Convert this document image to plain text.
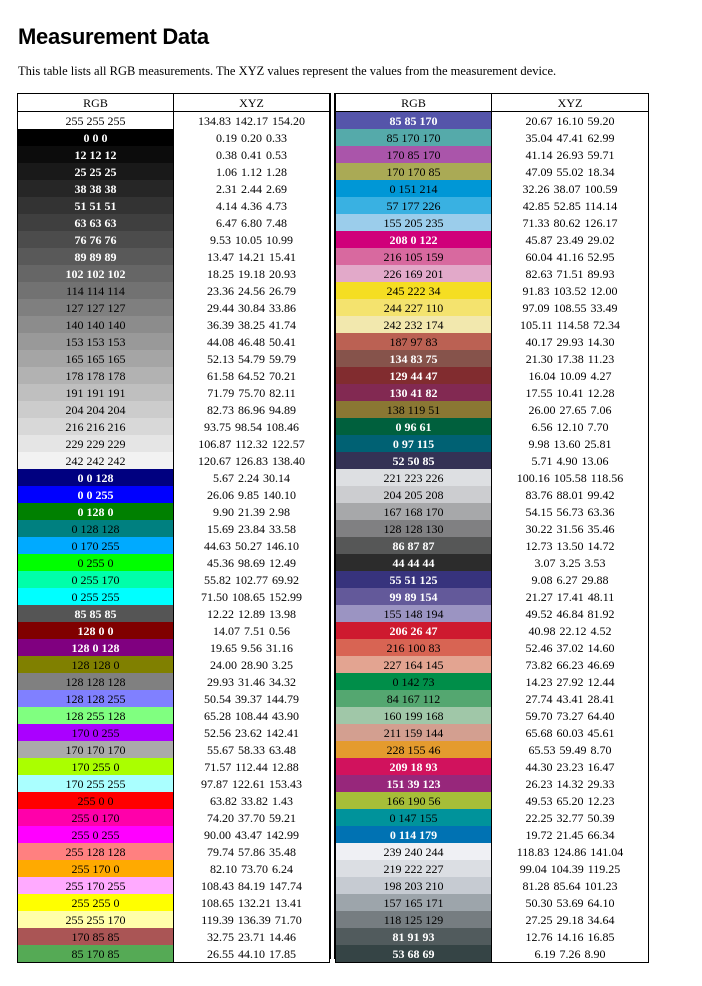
Measurement Data

This table lists all RGB measurements. The XYZ values represent the values from the measurement device.

RGB	XYZ
255 255 255	134.83 142.17 154.20
0 0 0	0.19 0.20 0.33
12 12 12	0.38 0.41 0.53
25 25 25	1.06 1.12 1.28
38 38 38	2.31 2.44 2.69
51 51 51	4.14 4.36 4.73
63 63 63	6.47 6.80 7.48
76 76 76	9.53 10.05 10.99
89 89 89	13.47 14.21 15.41
102 102 102	18.25 19.18 20.93
114 114 114	23.36 24.56 26.79
127 127 127	29.44 30.84 33.86
140 140 140	36.39 38.25 41.74
153 153 153	44.08 46.48 50.41
165 165 165	52.13 54.79 59.79
178 178 178	61.58 64.52 70.21
191 191 191	71.79 75.70 82.11
204 204 204	82.73 86.96 94.89
216 216 216	93.75 98.54 108.46
229 229 229	106.87 112.32 122.57
242 242 242	120.67 126.83 138.40
0 0 128	5.67 2.24 30.14
0 0 255	26.06 9.85 140.10
0 128 0	9.90 21.39 2.98
0 128 128	15.69 23.84 33.58
0 170 255	44.63 50.27 146.10
0 255 0	45.36 98.69 12.49
0 255 170	55.82 102.77 69.92
0 255 255	71.50 108.65 152.99
85 85 85	12.22 12.89 13.98
128 0 0	14.07 7.51 0.56
128 0 128	19.65 9.56 31.16
128 128 0	24.00 28.90 3.25
128 128 128	29.93 31.46 34.32
128 128 255	50.54 39.37 144.79
128 255 128	65.28 108.44 43.90
170 0 255	52.56 23.62 142.41
170 170 170	55.67 58.33 63.48
170 255 0	71.57 112.44 12.88
170 255 255	97.87 122.61 153.43
255 0 0	63.82 33.82 1.43
255 0 170	74.20 37.70 59.21
255 0 255	90.00 43.47 142.99
255 128 128	79.74 57.86 35.48
255 170 0	82.10 73.70 6.24
255 170 255	108.43 84.19 147.74
255 255 0	108.65 132.21 13.41
255 255 170	119.39 136.39 71.70
170 85 85	32.75 23.71 14.46
85 170 85	26.55 44.10 17.85
RGB	XYZ
85 85 170	20.67 16.10 59.20
85 170 170	35.04 47.41 62.99
170 85 170	41.14 26.93 59.71
170 170 85	47.09 55.02 18.34
0 151 214	32.26 38.07 100.59
57 177 226	42.85 52.85 114.14
155 205 235	71.33 80.62 126.17
208 0 122	45.87 23.49 29.02
216 105 159	60.04 41.16 52.95
226 169 201	82.63 71.51 89.93
245 222 34	91.83 103.52 12.00
244 227 110	97.09 108.55 33.49
242 232 174	105.11 114.58 72.34
187 97 83	40.17 29.93 14.30
134 83 75	21.30 17.38 11.23
129 44 47	16.04 10.09 4.27
130 41 82	17.55 10.41 12.28
138 119 51	26.00 27.65 7.06
0 96 61	6.56 12.10 7.70
0 97 115	9.98 13.60 25.81
52 50 85	5.71 4.90 13.06
221 223 226	100.16 105.58 118.56
204 205 208	83.76 88.01 99.42
167 168 170	54.15 56.73 63.36
128 128 130	30.22 31.56 35.46
86 87 87	12.73 13.50 14.72
44 44 44	3.07 3.25 3.53
55 51 125	9.08 6.27 29.88
99 89 154	21.27 17.41 48.11
155 148 194	49.52 46.84 81.92
206 26 47	40.98 22.12 4.52
216 100 83	52.46 37.02 14.60
227 164 145	73.82 66.23 46.69
0 142 73	14.23 27.92 12.44
84 167 112	27.74 43.41 28.41
160 199 168	59.70 73.27 64.40
211 159 144	65.68 60.03 45.61
228 155 46	65.53 59.49 8.70
209 18 93	44.30 23.23 16.47
151 39 123	26.23 14.32 29.33
166 190 56	49.53 65.20 12.23
0 147 155	22.25 32.77 50.39
0 114 179	19.72 21.45 66.34
239 240 244	118.83 124.86 141.04
219 222 227	99.04 104.39 119.25
198 203 210	81.28 85.64 101.23
157 165 171	50.30 53.69 64.10
118 125 129	27.25 29.18 34.64
81 91 93	12.76 14.16 16.85
53 68 69	6.19 7.26 8.90
